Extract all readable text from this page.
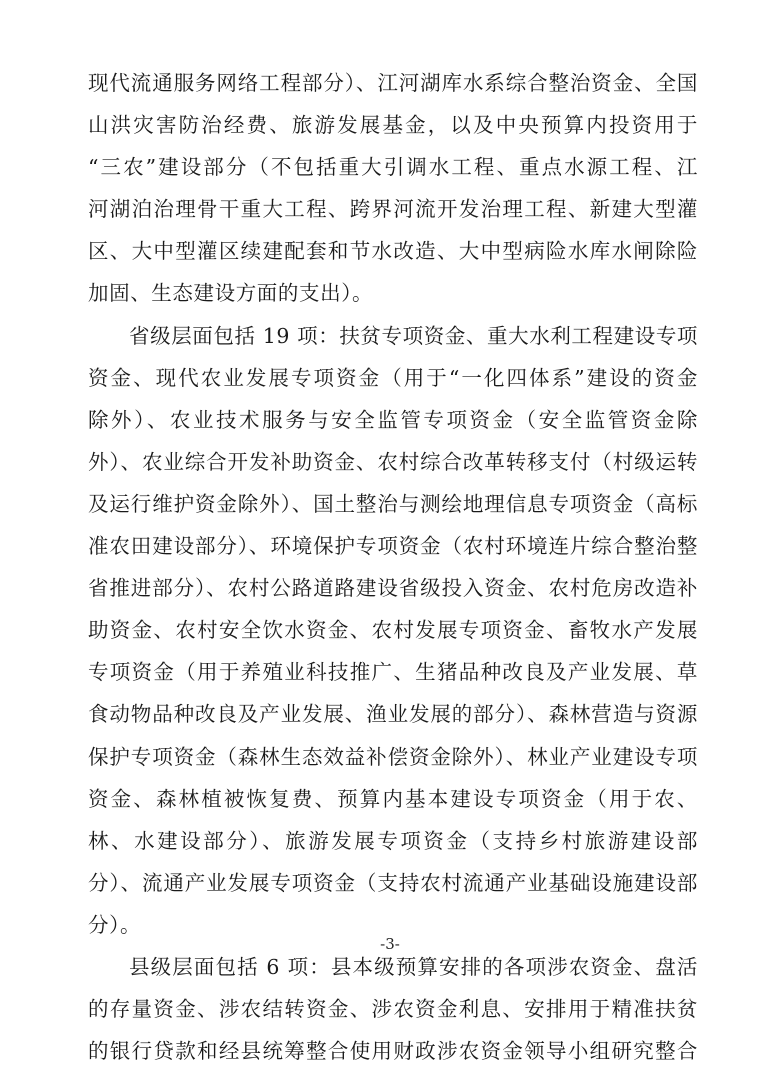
现代流通服务网络工程部分）、江河湖库水系综合整治资金、全国
山洪灾害防治经费、旅游发展基金，以及中央预算内投资用于
“三农”建设部分（不包括重大引调水工程、重点水源工程、江
河湖泊治理骨干重大工程、跨界河流开发治理工程、新建大型灌
区、大中型灌区续建配套和节水改造、大中型病险水库水闸除险
加固、生态建设方面的支出）。
省级层面包括 19 项：扶贫专项资金、重大水利工程建设专项
资金、现代农业发展专项资金（用于“一化四体系”建设的资金
除外）、农业技术服务与安全监管专项资金（安全监管资金除
外）、农业综合开发补助资金、农村综合改革转移支付（村级运转
及运行维护资金除外）、国土整治与测绘地理信息专项资金（高标
准农田建设部分）、环境保护专项资金（农村环境连片综合整治整
省推进部分）、农村公路道路建设省级投入资金、农村危房改造补
助资金、农村安全饮水资金、农村发展专项资金、畜牧水产发展
专项资金（用于养殖业科技推广、生猪品种改良及产业发展、草
食动物品种改良及产业发展、渔业发展的部分）、森林营造与资源
保护专项资金（森林生态效益补偿资金除外）、林业产业建设专项
资金、森林植被恢复费、预算内基本建设专项资金（用于农、
林、水建设部分）、旅游发展专项资金（支持乡村旅游建设部
分）、流通产业发展专项资金（支持农村流通产业基础设施建设部
分）。
县级层面包括 6 项：县本级预算安排的各项涉农资金、盘活
的存量资金、涉农结转资金、涉农资金利息、安排用于精准扶贫
的银行贷款和经县统筹整合使用财政涉农资金领导小组研究整合
-3-
